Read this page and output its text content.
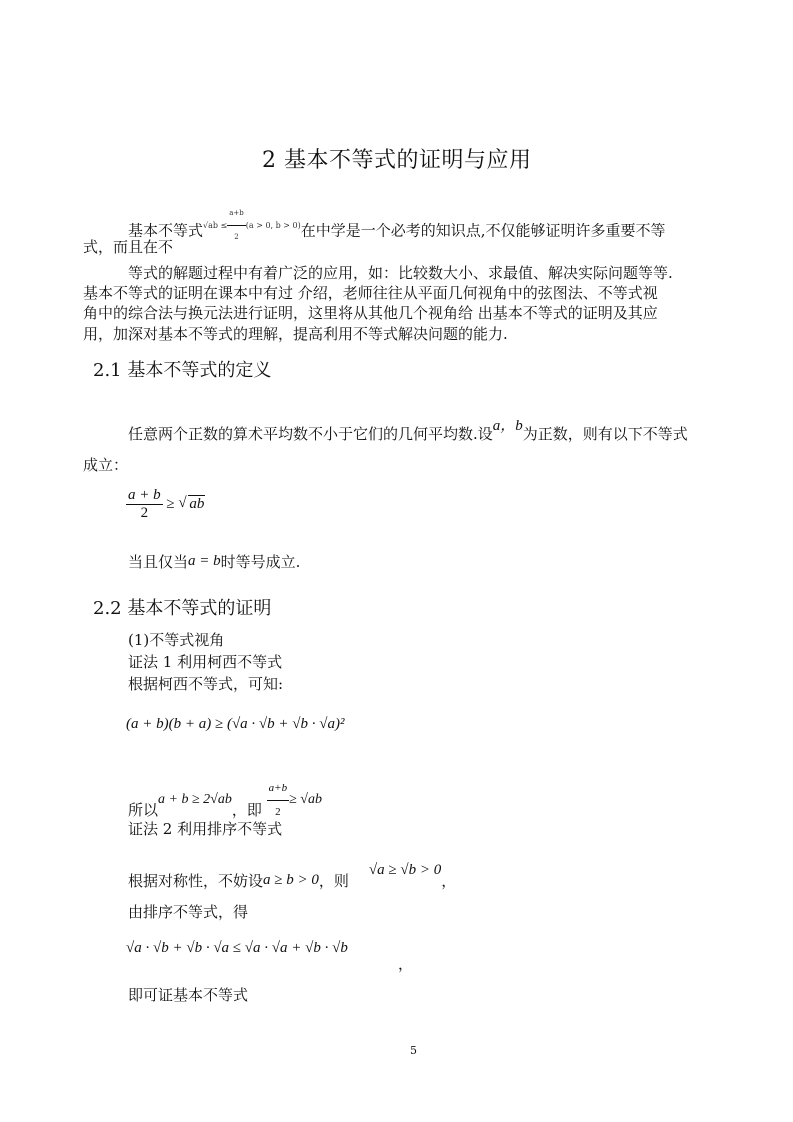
2 基本不等式的证明与应用
基本不等式$^{√ab \le \frac{a+b}{2} (a > 0, b > 0)}$在中学是一个必考的知识点,不仅能够证明许多重要不等
式，而且在不
等式的解题过程中有着广泛的应用，如：比较数大小、求最值、解决实际问题等等.
基本不等式的证明在课本中有过 介绍，老师往往从平面几何视角中的弦图法、不等式视
角中的综合法与换元法进行证明，这里将从其他几个视角给 出基本不等式的证明及其应
用，加深对基本不等式的理解，提高利用不等式解决问题的能力.
2.1 基本不等式的定义
任意两个正数的算术平均数不小于它们的几何平均数.设a，b为正数，则有以下不等式
成立：
$\frac{a + b}{2}$ ≥ √ ab
当且仅当a = b时等号成立.
2.2 基本不等式的证明
(1)不等式视角
证法 1 利用柯西不等式
根据柯西不等式，可知:
(a + b)(b + a) ≥ (√a · √b + √b · √a)²
所以a + b ≥ 2√ab，即 $^{\frac{a+b}{2} \ge √ab}$
证法 2 利用排序不等式
根据对称性，不妨设a ≥ b > 0，则√a ≥ √b > 0，
由排序不等式，得
√a · √b + √b · √a ≤ √a · √a + √b · √b
，
即可证基本不等式
5
